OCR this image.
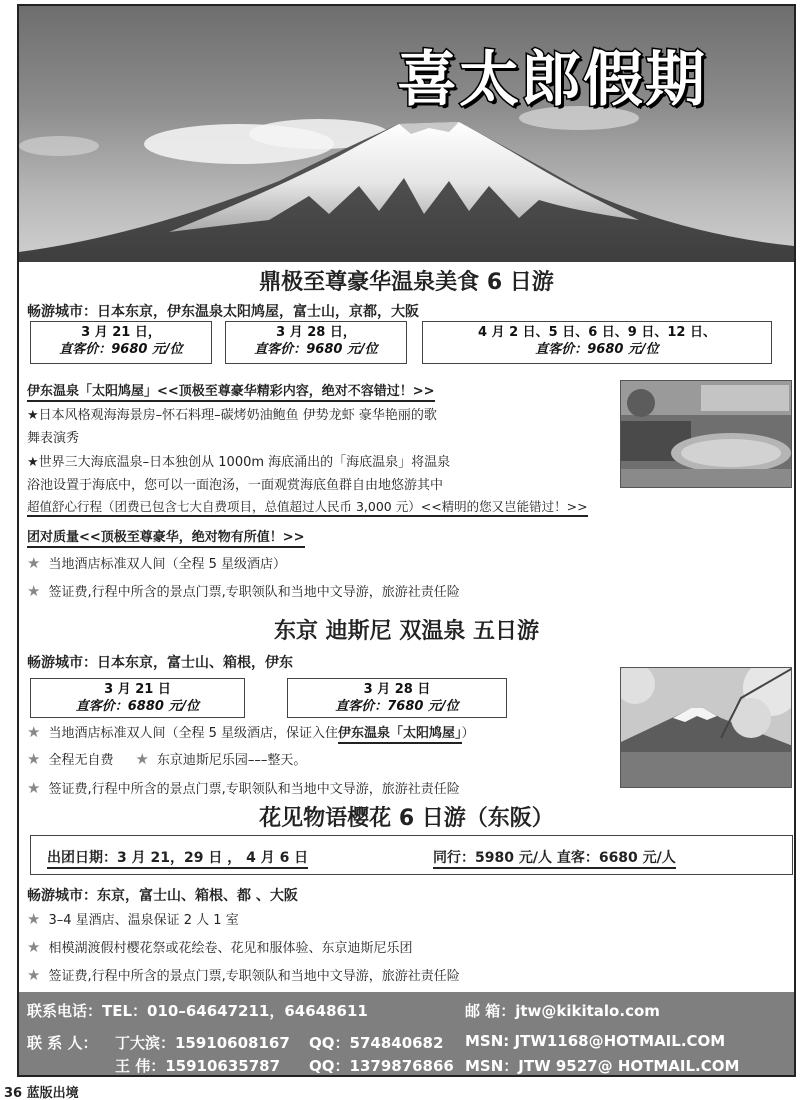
喜太郎假期
鼎极至尊豪华温泉美食 6 日游
畅游城市：日本东京，伊东温泉太阳鸠屋，富士山，京都，大阪
3 月 21 日，
直客价：9680 元/位
3 月 28 日，
直客价：9680 元/位
4 月 2 日、5 日、6 日、9 日、12 日、
直客价：9680 元/位
伊东温泉「太阳鸠屋」<<顶极至尊豪华精彩内容，绝对不容错过！>>
★日本风格观海海景房–怀石料理–碳烤奶油鲍鱼 伊势龙虾 豪华艳丽的歌
舞表演秀
★世界三大海底温泉–日本独创从 1000m 海底涌出的「海底温泉」将温泉
浴池设置于海底中，您可以一面泡汤，一面观赏海底鱼群自由地悠游其中
超值舒心行程（团费已包含七大自费项目，总值超过人民币 3,000 元）<<精明的您又岂能错过！>>
团对质量<<顶极至尊豪华，绝对物有所值！>>
★ 当地酒店标准双人间（全程 5 星级酒店）
★ 签证费,行程中所含的景点门票,专职领队和当地中文导游，旅游社责任险
东京 迪斯尼 双温泉 五日游
畅游城市：日本东京，富士山、箱根，伊东
3 月 21 日
直客价：6880 元/位
3 月 28 日
直客价：7680 元/位
★ 当地酒店标准双人间（全程 5 星级酒店，保证入住伊东温泉「太阳鸠屋」）
★ 全程无自费 ★ 东京迪斯尼乐园–––整天。
★ 签证费,行程中所含的景点门票,专职领队和当地中文导游，旅游社责任险
花见物语樱花 6 日游（东阪）
出团日期：3 月 21，29 日 ， 4 月 6 日	同行：5980 元/人 直客：6680 元/人
畅游城市：东京，富士山、箱根、都 、大阪
★ 3–4 星酒店、温泉保证 2 人 1 室
★ 相模湖渡假村樱花祭或花绘卷、花见和服体验、东京迪斯尼乐团
★ 签证费,行程中所含的景点门票,专职领队和当地中文导游，旅游社责任险
联系电话：TEL：010–64647211，64648611	邮 箱：jtw@kikitalo.com
联 系 人： 丁大滨：15910608167 QQ：574840682 MSN: JTW1168@HOTMAIL.COM
王 伟：15910635787 QQ：1379876866 MSN：JTW 9527@ HOTMAIL.COM
36 蓝版出境
